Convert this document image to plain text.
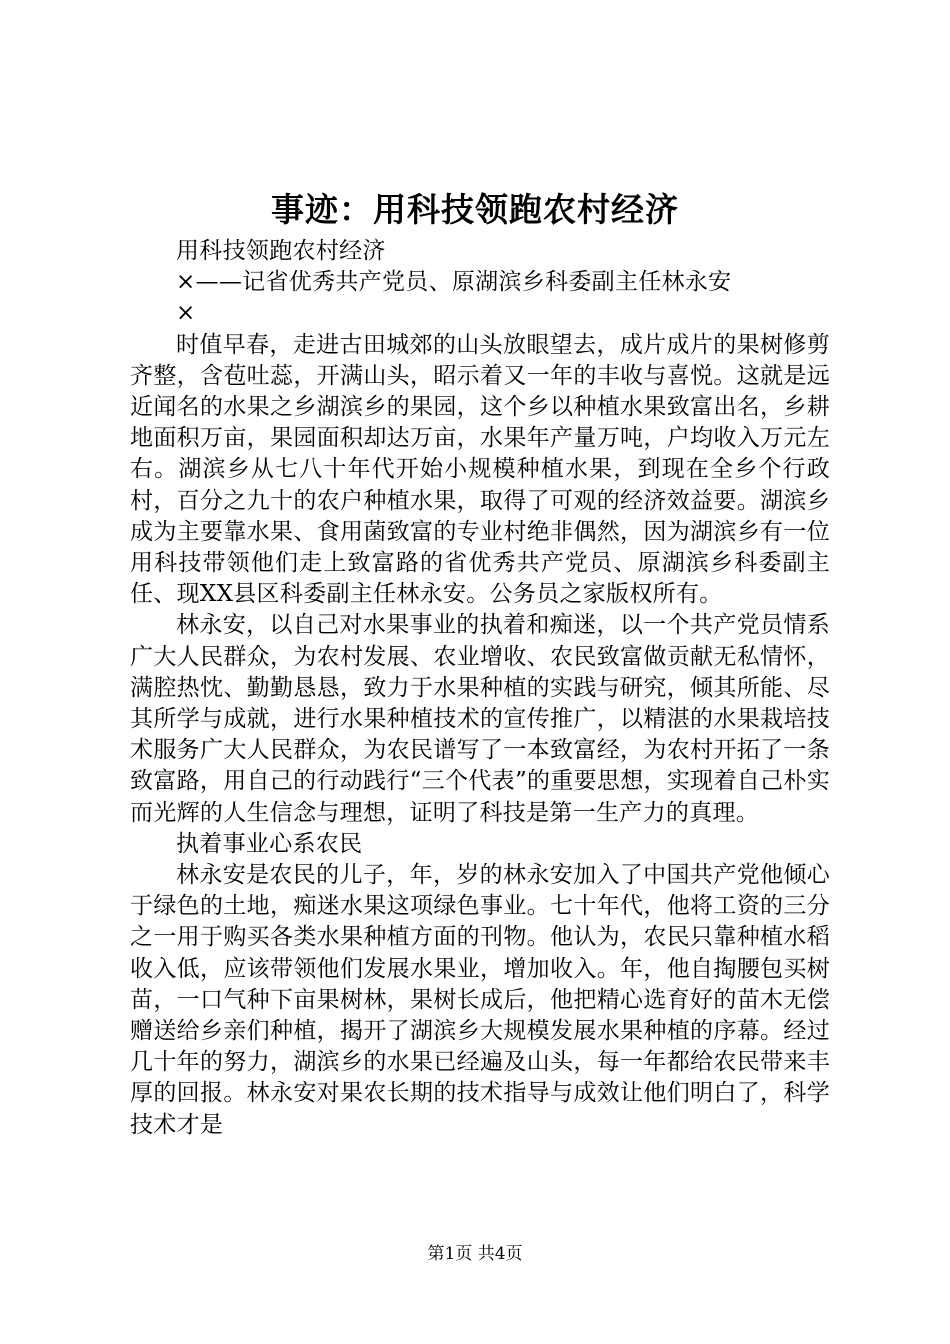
事迹：用科技领跑农村经济

用科技领跑农村经济

×——记省优秀共产党员、原湖滨乡科委副主任林永安

×

时值早春，走进古田城郊的山头放眼望去，成片成片的果树修剪齐整，含苞吐蕊，开满山头，昭示着又一年的丰收与喜悦。这就是远近闻名的水果之乡湖滨乡的果园，这个乡以种植水果致富出名，乡耕地面积万亩，果园面积却达万亩，水果年产量万吨，户均收入万元左右。湖滨乡从七八十年代开始小规模种植水果，到现在全乡个行政村，百分之九十的农户种植水果，取得了可观的经济效益要。湖滨乡成为主要靠水果、食用菌致富的专业村绝非偶然，因为湖滨乡有一位用科技带领他们走上致富路的省优秀共产党员、原湖滨乡科委副主任、现XX县区科委副主任林永安。公务员之家版权所有。

林永安，以自己对水果事业的执着和痴迷，以一个共产党员情系广大人民群众，为农村发展、农业增收、农民致富做贡献无私情怀，满腔热忱、勤勤恳恳，致力于水果种植的实践与研究，倾其所能、尽其所学与成就，进行水果种植技术的宣传推广，以精湛的水果栽培技术服务广大人民群众，为农民谱写了一本致富经，为农村开拓了一条致富路，用自己的行动践行“三个代表”的重要思想，实现着自己朴实而光辉的人生信念与理想，证明了科技是第一生产力的真理。

执着事业心系农民

林永安是农民的儿子，年，岁的林永安加入了中国共产党他倾心于绿色的土地，痴迷水果这项绿色事业。七十年代，他将工资的三分之一用于购买各类水果种植方面的刊物。他认为，农民只靠种植水稻收入低，应该带领他们发展水果业，增加收入。年，他自掏腰包买树苗，一口气种下亩果树林，果树长成后，他把精心选育好的苗木无偿赠送给乡亲们种植，揭开了湖滨乡大规模发展水果种植的序幕。经过几十年的努力，湖滨乡的水果已经遍及山头，每一年都给农民带来丰厚的回报。林永安对果农长期的技术指导与成效让他们明白了，科学技术才是

第1页 共4页
